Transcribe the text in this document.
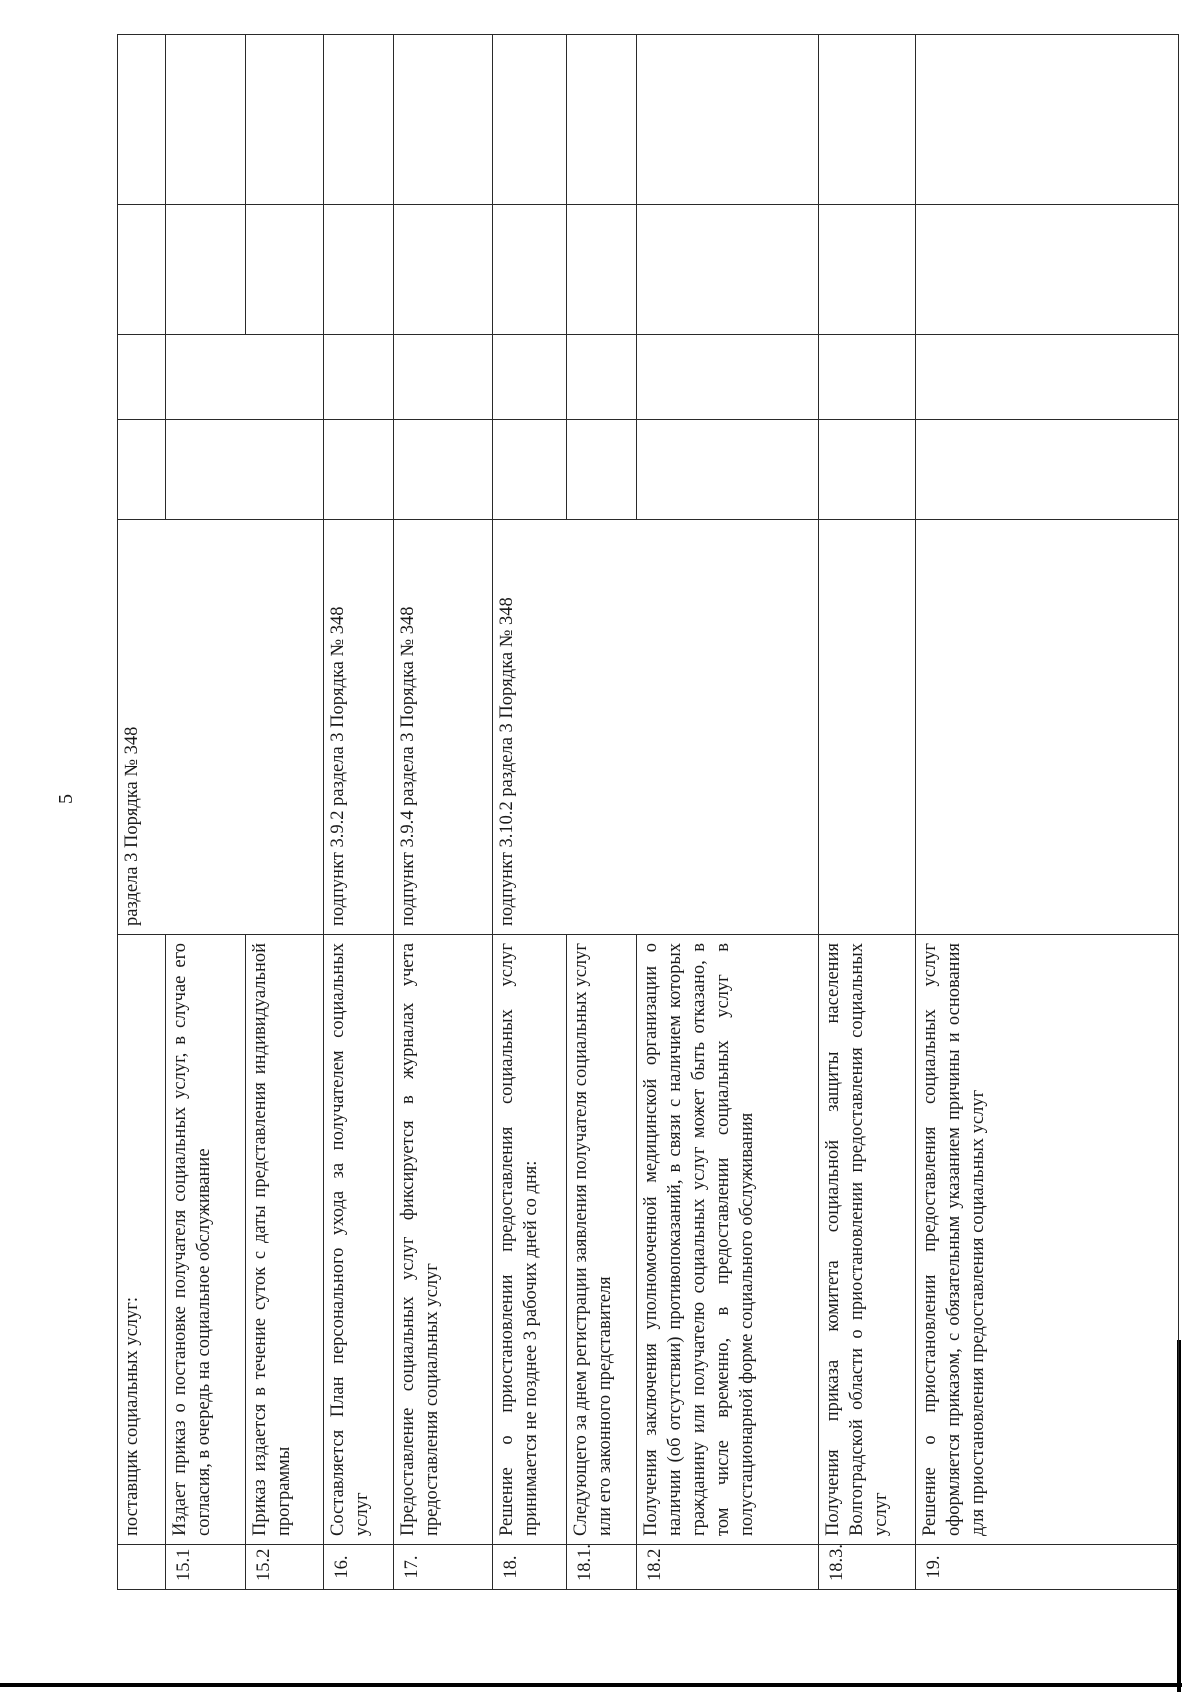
5
	поставщик социальных услуг:	раздела 3 Порядка № 348				
15.1	Издает приказ о постановке получателя социальных услуг, в случае его согласия, в очередь на социальное обслуживание					
15.2	Приказ издается в течение суток с даты представления индивидуальной программы					
16.	Составляется План персонального ухода за получателем социальных услуг	подпункт 3.9.2 раздела 3 Порядка № 348				
17.	Предоставление социальных услуг фиксируется в журналах учета предоставления социальных услуг	подпункт 3.9.4 раздела 3 Порядка № 348				
18.	Решение о приостановлении предоставления социальных услуг принимается не позднее 3 рабочих дней со дня:	подпункт 3.10.2 раздела 3 Порядка № 348				
18.1.	Следующего за днем регистрации заявления получателя социальных услуг или его законного представителя					
18.2	Получения заключения уполномоченной медицинской организации о наличии (об отсутствии) противопоказаний, в связи с наличием которых гражданину или получателю социальных услуг может быть отказано, в том числе временно, в предоставлении социальных услуг в полустационарной форме социального обслуживания					
18.3.	Получения приказа комитета социальной защиты населения Волгоградской области о приостановлении предоставления социальных услуг					
19.	Решение о приостановлении предоставления социальных услуг оформляется приказом, с обязательным указанием причины и основания для приостановления предоставления социальных услуг					
